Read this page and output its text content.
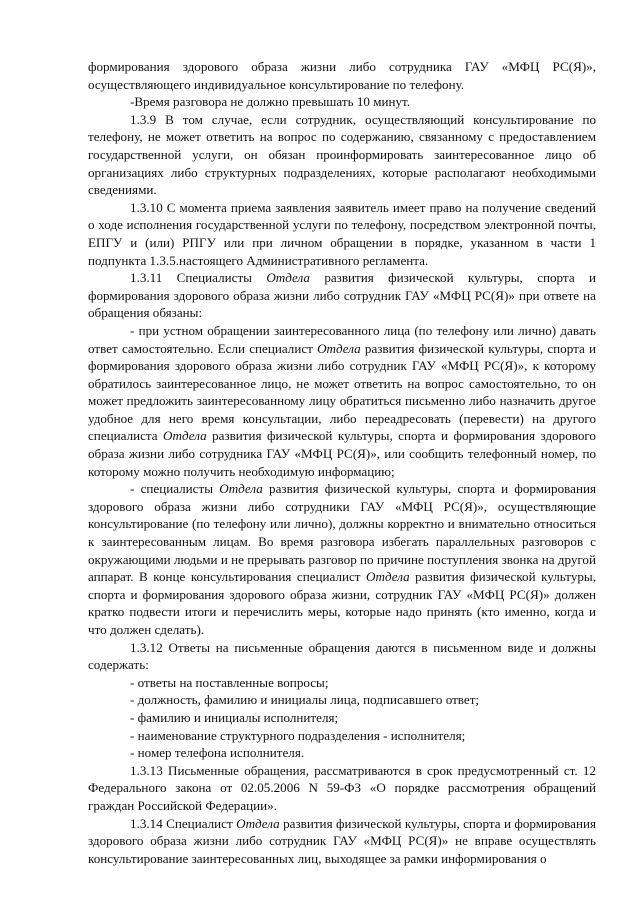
формирования здорового образа жизни либо сотрудника ГАУ «МФЦ РС(Я)», осуществляющего индивидуальное консультирование по телефону.

-Время разговора не должно превышать 10 минут.

1.3.9 В том случае, если сотрудник, осуществляющий консультирование по телефону, не может ответить на вопрос по содержанию, связанному с предоставлением государственной услуги, он обязан проинформировать заинтересованное лицо об организациях либо структурных подразделениях, которые располагают необходимыми сведениями.

1.3.10 С момента приема заявления заявитель имеет право на получение сведений о ходе исполнения государственной услуги по телефону, посредством электронной почты, ЕПГУ и (или) РПГУ или при личном обращении в порядке, указанном в части 1 подпункта 1.3.5.настоящего Административного регламента.

1.3.11 Специалисты Отдела развития физической культуры, спорта и формирования здорового образа жизни либо сотрудник ГАУ «МФЦ РС(Я)» при ответе на обращения обязаны:

- при устном обращении заинтересованного лица (по телефону или лично) давать ответ самостоятельно. Если специалист Отдела развития физической культуры, спорта и формирования здорового образа жизни либо сотрудник ГАУ «МФЦ РС(Я)», к которому обратилось заинтересованное лицо, не может ответить на вопрос самостоятельно, то он может предложить заинтересованному лицу обратиться письменно либо назначить другое удобное для него время консультации, либо переадресовать (перевести) на другого специалиста Отдела развития физической культуры, спорта и формирования здорового образа жизни либо сотрудника ГАУ «МФЦ РС(Я)», или сообщить телефонный номер, по которому можно получить необходимую информацию;

- специалисты Отдела развития физической культуры, спорта и формирования здорового образа жизни либо сотрудники ГАУ «МФЦ РС(Я)», осуществляющие консультирование (по телефону или лично), должны корректно и внимательно относиться к заинтересованным лицам. Во время разговора избегать параллельных разговоров с окружающими людьми и не прерывать разговор по причине поступления звонка на другой аппарат. В конце консультирования специалист Отдела развития физической культуры, спорта и формирования здорового образа жизни, сотрудник ГАУ «МФЦ РС(Я)» должен кратко подвести итоги и перечислить меры, которые надо принять (кто именно, когда и что должен сделать).

1.3.12 Ответы на письменные обращения даются в письменном виде и должны содержать:

- ответы на поставленные вопросы;

- должность, фамилию и инициалы лица, подписавшего ответ;

- фамилию и инициалы исполнителя;

- наименование структурного подразделения - исполнителя;

- номер телефона исполнителя.

1.3.13 Письменные обращения, рассматриваются в срок предусмотренный ст. 12 Федерального закона от 02.05.2006 N 59-ФЗ «О порядке рассмотрения обращений граждан Российской Федерации».

1.3.14 Специалист Отдела развития физической культуры, спорта и формирования здорового образа жизни либо сотрудник ГАУ «МФЦ РС(Я)» не вправе осуществлять консультирование заинтересованных лиц, выходящее за рамки информирования о
